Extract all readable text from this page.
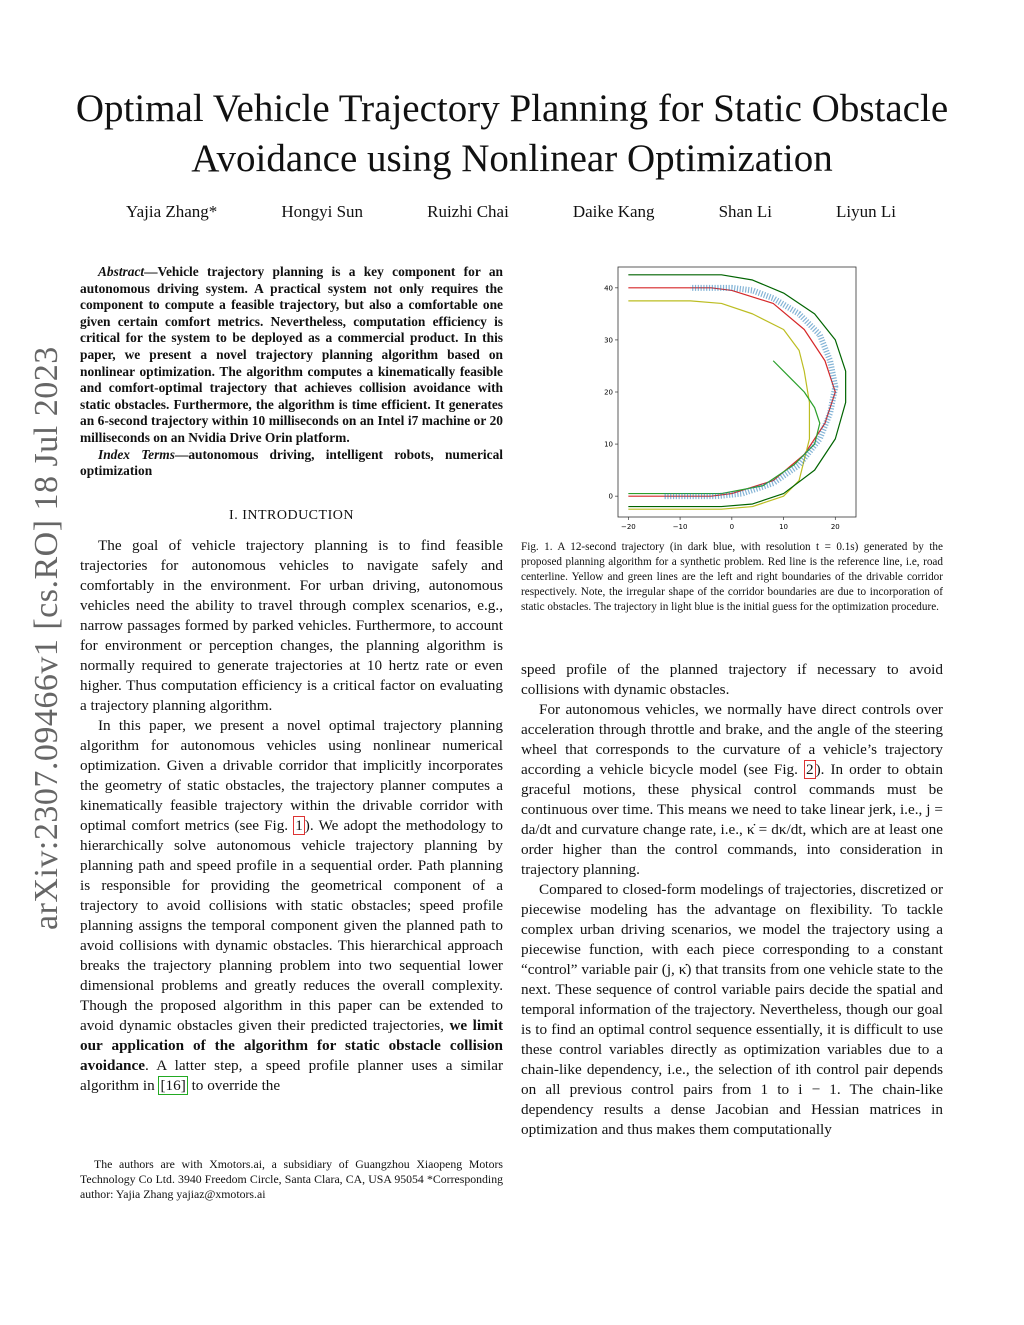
Optimal Vehicle Trajectory Planning for Static Obstacle Avoidance using Nonlinear Optimization
Yajia Zhang*	Hongyi Sun	Ruizhi Chai	Daike Kang	Shan Li	Liyun Li
arXiv:2307.09466v1 [cs.RO] 18 Jul 2023

Abstract—Vehicle trajectory planning is a key component for an autonomous driving system. A practical system not only requires the component to compute a feasible trajectory, but also a comfortable one given certain comfort metrics. Nevertheless, computation efficiency is critical for the system to be deployed as a commercial product. In this paper, we present a novel trajectory planning algorithm based on nonlinear optimization. The algorithm computes a kinematically feasible and comfort-optimal trajectory that achieves collision avoidance with static obstacles. Furthermore, the algorithm is time efficient. It generates an 6-second trajectory within 10 milliseconds on an Intel i7 machine or 20 milliseconds on an Nvidia Drive Orin platform.

Index Terms—autonomous driving, intelligent robots, numerical optimization

I. INTRODUCTION

The goal of vehicle trajectory planning is to find feasible trajectories for autonomous vehicles to navigate safely and comfortably in the environment. For urban driving, autonomous vehicles need the ability to travel through complex scenarios, e.g., narrow passages formed by parked vehicles. Furthermore, to account for environment or perception changes, the planning algorithm is normally required to generate trajectories at 10 hertz rate or even higher. Thus computation efficiency is a critical factor on evaluating a trajectory planning algorithm.

In this paper, we present a novel optimal trajectory planning algorithm for autonomous vehicles using nonlinear numerical optimization. Given a drivable corridor that implicitly incorporates the geometry of static obstacles, the trajectory planner computes a kinematically feasible trajectory within the drivable corridor with optimal comfort metrics (see Fig. 1 ). We adopt the methodology to hierarchically solve autonomous vehicle trajectory planning by planning path and speed profile in a sequential order. Path planning is responsible for providing the geometrical component of a trajectory to avoid collisions with static obstacles; speed profile planning assigns the temporal component given the planned path to avoid collisions with dynamic obstacles. This hierarchical approach breaks the trajectory planning problem into two sequential lower dimensional problems and greatly reduces the overall complexity. Though the proposed algorithm in this paper can be extended to avoid dynamic obstacles given their predicted trajectories, we limit our application of the algorithm for static obstacle collision avoidance. A latter step, a speed profile planner uses a similar algorithm in [16] to override the

The authors are with Xmotors.ai, a subsidiary of Guangzhou Xiaopeng Motors Technology Co Ltd. 3940 Freedom Circle, Santa Clara, CA, USA 95054 *Corresponding author: Yajia Zhang yajiaz@xmotors.ai
−20	−10	0	10	20
0
10
20
30
40
Fig. 1. A 12-second trajectory (in dark blue, with resolution t = 0.1s) generated by the proposed planning algorithm for a synthetic problem. Red line is the reference line, i.e, road centerline. Yellow and green lines are the left and right boundaries of the drivable corridor respectively. Note, the irregular shape of the corridor boundaries are due to incorporation of static obstacles. The trajectory in light blue is the initial guess for the optimization procedure.

speed profile of the planned trajectory if necessary to avoid collisions with dynamic obstacles.

For autonomous vehicles, we normally have direct controls over acceleration through throttle and brake, and the angle of the steering wheel that corresponds to the curvature of a vehicle’s trajectory according a vehicle bicycle model (see Fig. 2 ). In order to obtain graceful motions, these physical control commands must be continuous over time. This means we need to take linear jerk, i.e., j = da/dt and curvature change rate, i.e., κ̇ = dκ/dt, which are at least one order higher than the control commands, into consideration in trajectory planning.

Compared to closed-form modelings of trajectories, discretized or piecewise modeling has the advantage on flexibility. To tackle complex urban driving scenarios, we model the trajectory using a piecewise function, with each piece corresponding to a constant “control” variable pair (j, κ̇) that transits from one vehicle state to the next. These sequence of control variable pairs decide the spatial and temporal information of the trajectory. Nevertheless, though our goal is to find an optimal control sequence essentially, it is difficult to use these control variables directly as optimization variables due to a chain-like dependency, i.e., the selection of ith control pair depends on all previous control pairs from 1 to i − 1. The chain-like dependency results a dense Jacobian and Hessian matrices in optimization and thus makes them computationally
